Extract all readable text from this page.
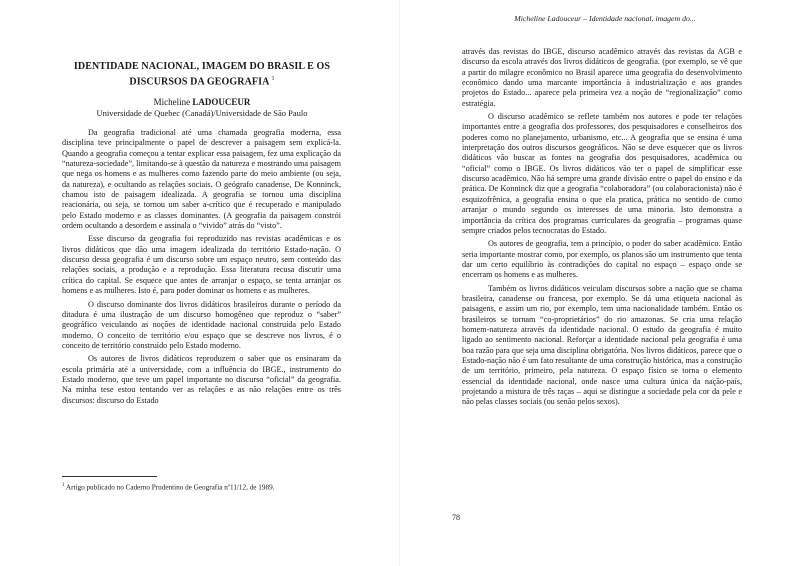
IDENTIDADE NACIONAL, IMAGEM DO BRASIL E OS DISCURSOS DA GEOGRAFIA $^1$
Micheline LADOUCEUR
Universidade de Quebec (Canadá)/Universidade de São Paulo

Da geografia tradicional até uma chamada geografia moderna, essa disciplina teve principalmente o papel de descrever a paisagem sem explicá-la. Quando a geografia começou a tentar explicar essa paisagem, fez uma explicação da “natureza-sociedade”, limitando-se à questão da natureza e mostrando uma paisagem que nega os homens e as mulheres como fazendo parte do meio ambiente (ou seja, da natureza), e ocultando as relações sociais. O geógrafo canadense, De Konninck, chamou isto de paisagem idealizada. A geografia se tornou uma disciplina reacionária, ou seja, se tornou um saber a-crítico que é recuperado e manipulado pelo Estado moderno e as classes dominantes. (A geografia da paisagem constrói ordem ocultando a desordem e assinala o “vivido” atrás do “visto”.

Esse discurso da geografia foi reproduzido nas revistas acadêmicas e os livros didáticos que dão uma imagem idealizada do território Estado-nação. O discurso dessa geografia é um discurso sobre um espaço neutro, sem conteúdo das relações sociais, a produção e a reprodução. Essa literatura recusa discutir uma crítica do capital. Se esquece que antes de arranjar o espaço, se tenta arranjar os homens e as mulheres. Isto é, para poder dominar os homens e as mulheres.

O discurso dominante dos livros didáticos brasileiros durante o período da ditadura é uma ilustração de um discurso homogêneo que reproduz o “saber” geográfico veiculando as noções de identidade nacional construída pelo Estado moderno. O conceito de território e/ou espaço que se descreve nos livros, é o conceito de território construído pelo Estado moderno.

Os autores de livros didáticos reproduzem o saber que os ensinaram da escola primária até a universidade, com a influência do IBGE., instrumento do Estado moderno, que teve um papel importante no discurso “oficial” da geografia. Na minha tese estou tentando ver as relações e as não relações entre os três discursos: discurso do Estado

$^1$ Artigo publicado no Caderno Prudentino de Geografia nº11/12, de 1989.
Micheline Ladouceur – Identidade nacional, imagem do...

através das revistas do IBGE, discurso acadêmico através das revistas da AGB e discurso da escola através dos livros didáticos de geografia. (por exemplo, se vê que a partir do milagre econômico no Brasil aparece uma geografia do desenvolvimento econômico dando uma marcante importância à industrialização e aos grandes projetos do Estado... aparece pela primeira vez a noção de “regionalização” como estratégia.

O discurso acadêmico se reflete também nos autores e pode ter relações importantes entre a geografia dos professores, dos pesquisadores e conselheiros dos poderes como no planejamento, urbanismo, etc... A geografia que se ensina é uma interpretação dos outros discursos geográficos. Não se deve esquecer que os livros didáticos vão buscar as fontes na geografia dos pesquisadores, acadêmica ou “oficial” como o IBGE. Os livros didáticos vão ter o papel de simplificar esse discurso acadêmico. Não há sempre uma grande divisão entre o papel do ensino e da prática. De Konninck diz que a geografia “colaboradora” (ou colaboracionista) não é esquizofrênica, a geografia ensina o que ela pratica, prática no sentido de como arranjar o mundo segundo os interesses de uma minoria. Isto demonstra a importância da crítica dos programas curriculares da geografia – programas quase sempre criados pelos tecnocratas do Estado.

Os autores de geografia, tem a princípio, o poder do saber acadêmico. Então seria importante mostrar como, por exemplo, os planos são um instrumento que tenta dar um certo equilíbrio às contradições do capital no espaço – espaço onde se encerram os homens e as mulheres.

Também os livros didáticos veiculam discursos sobre a nação que se chama brasileira, canadense ou francesa, por exemplo. Se dá uma etiqueta nacional às paisagens, e assim um rio, por exemplo, tem uma nacionalidade também. Então os brasileiros se tornam “co-proprietários” do rio amazonas. Se cria uma relação homem-natureza através da identidade nacional. O estudo da geografia é muito ligado ao sentimento nacional. Reforçar a identidade nacional pela geografia é uma boa razão para que seja uma disciplina obrigatória. Nos livros didáticos, parece que o Estado-nação não é um fato resultante de uma construção histórica, mas a construção de um território, primeiro, pela natureza. O espaço físico se torna o elemento essencial da identidade nacional, onde nasce uma cultura única da nação-país, projetando a mistura de três raças – aqui se distingue a sociedade pela cor da pele e não pelas classes sociais (ou senão pelos sexos).

78
